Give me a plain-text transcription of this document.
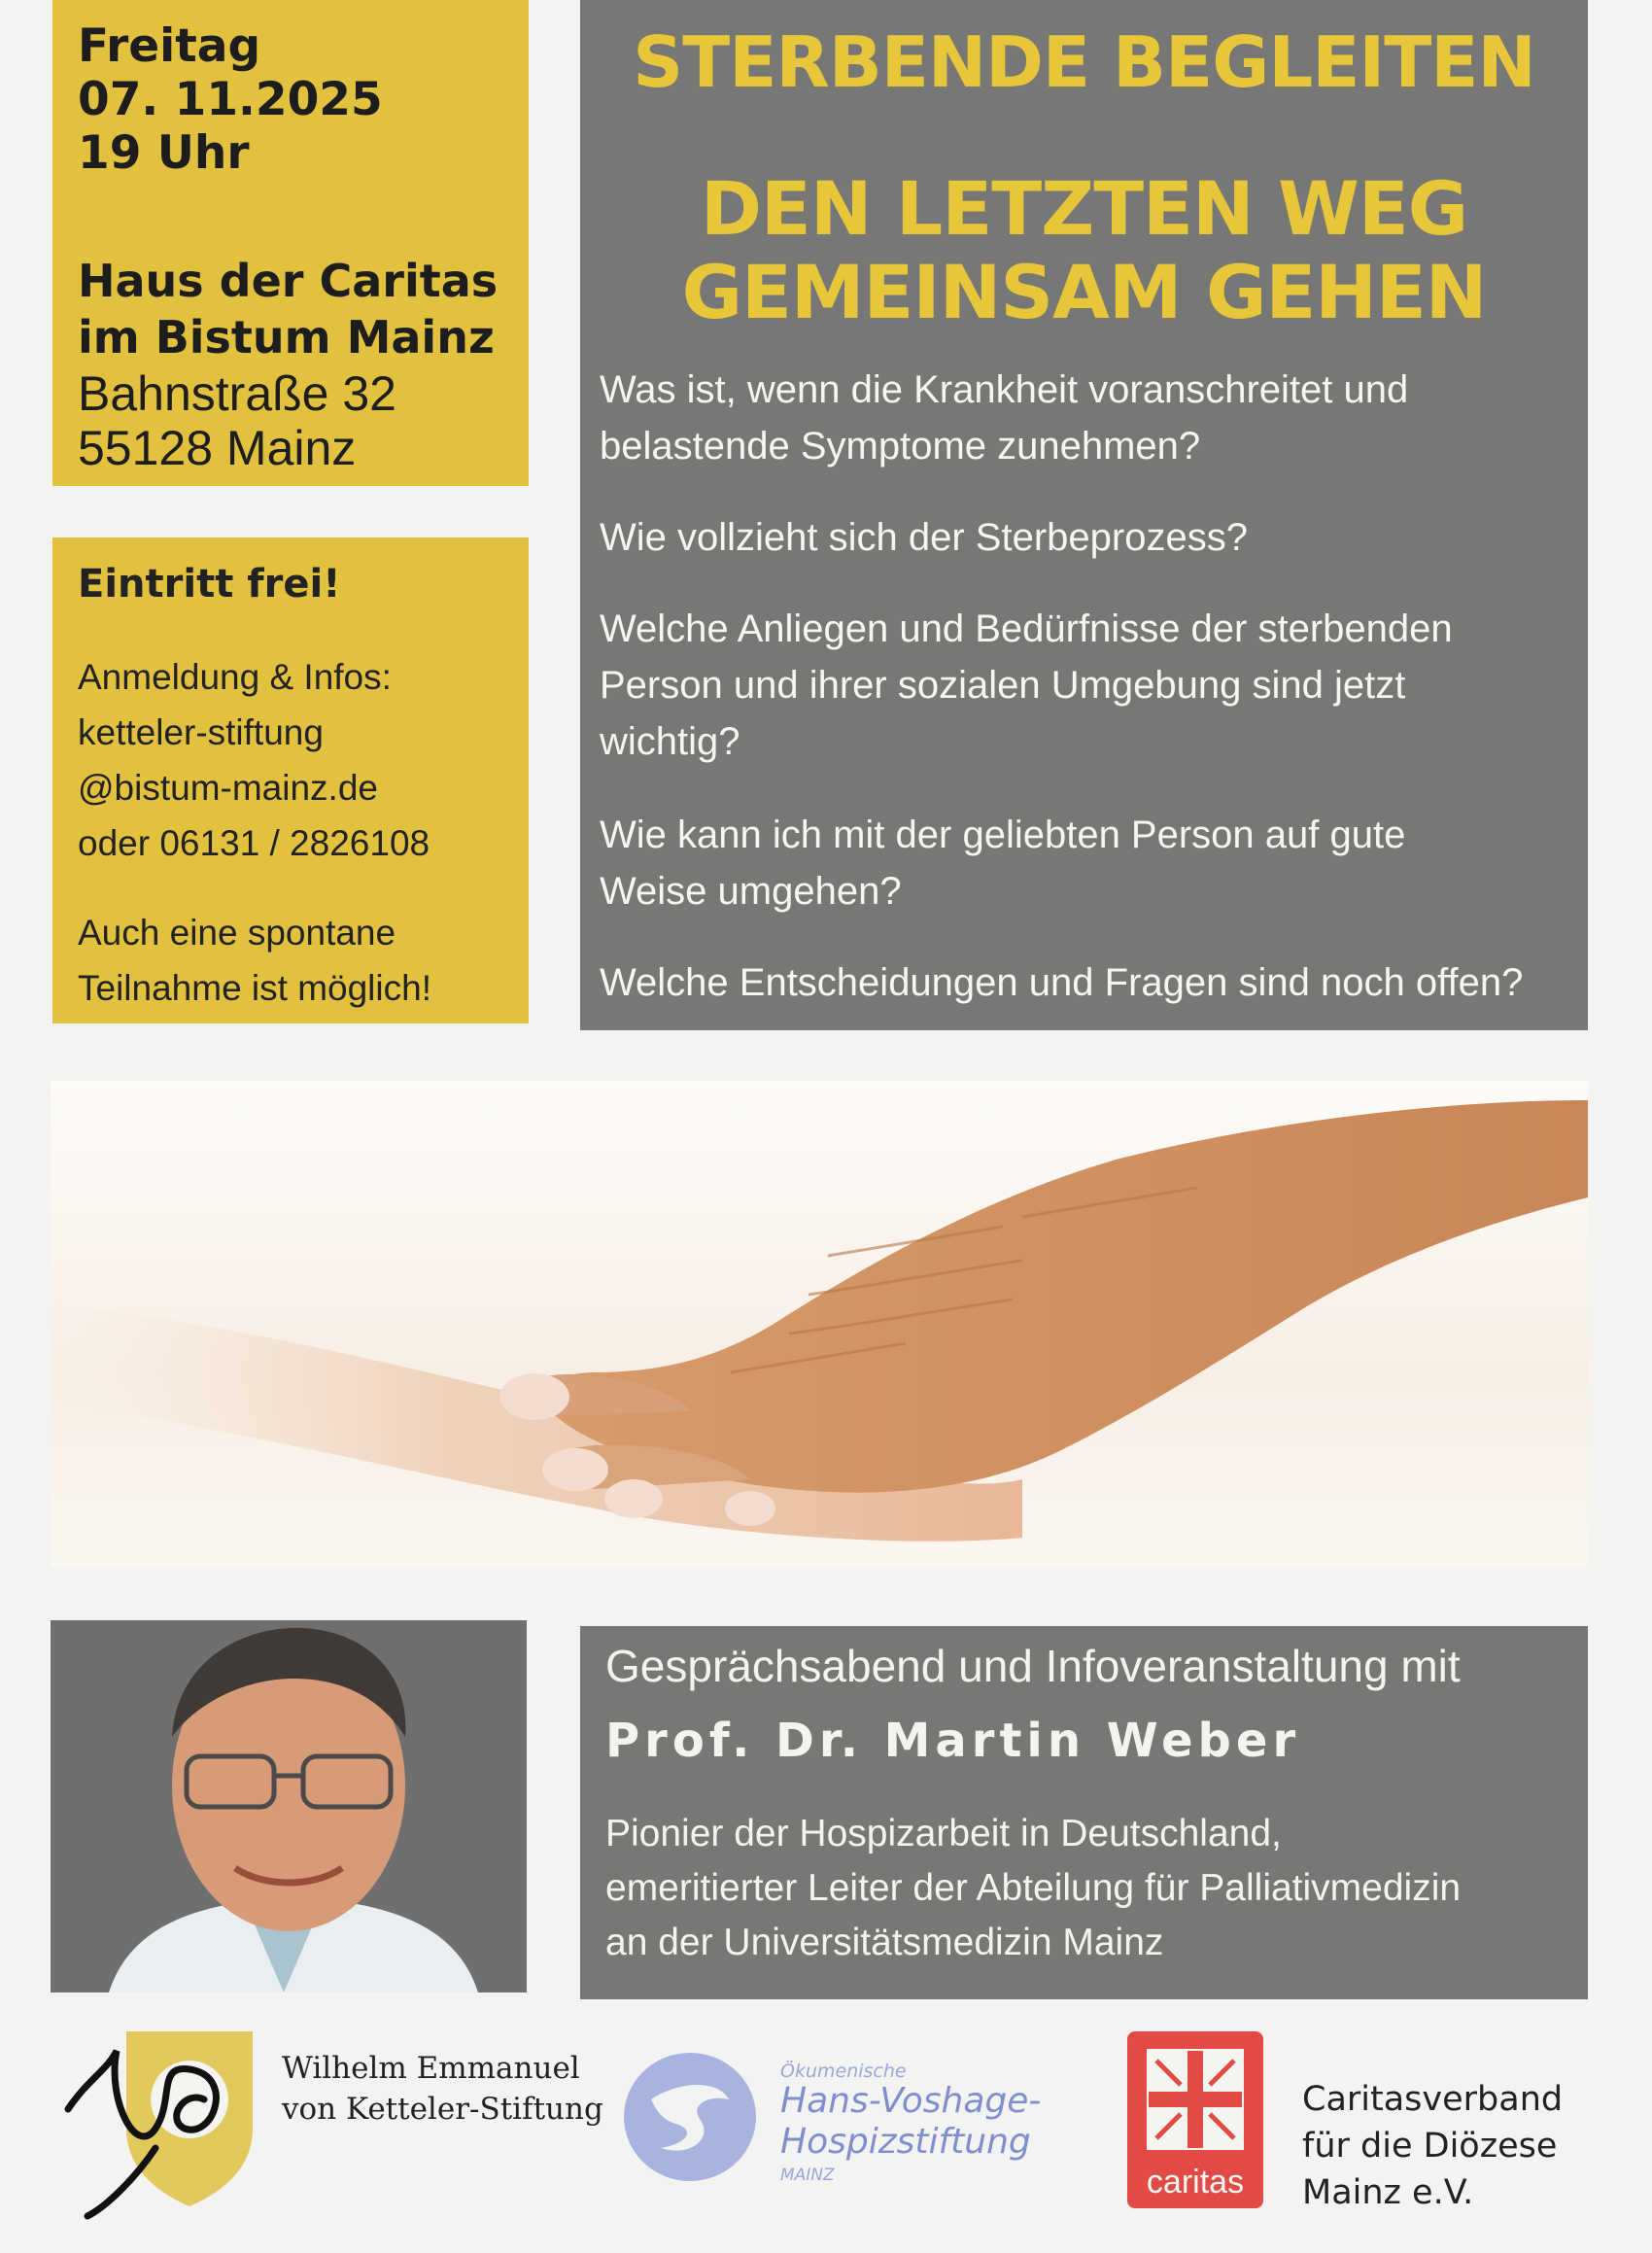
Freitag
07. 11.2025
19 Uhr
Haus der Caritas
im Bistum Mainz
Bahnstraße 32
55128 Mainz
Eintritt frei!
Anmeldung & Infos:
ketteler-stiftung
@bistum-mainz.de
oder 06131 / 2826108
Auch eine spontane
Teilnahme ist möglich!
STERBENDE BEGLEITEN
DEN LETZTEN WEG
GEMEINSAM GEHEN
Was ist, wenn die Krankheit voranschreitet und
belastende Symptome zunehmen?
Wie vollzieht sich der Sterbeprozess?
Welche Anliegen und Bedürfnisse der sterbenden
Person und ihrer sozialen Umgebung sind jetzt
wichtig?
Wie kann ich mit der geliebten Person auf gute
Weise umgehen?
Welche Entscheidungen und Fragen sind noch offen?
Gesprächsabend und Infoveranstaltung mit
Prof. Dr. Martin Weber
Pionier der Hospizarbeit in Deutschland,
emeritierter Leiter der Abteilung für Palliativmedizin
an der Universitätsmedizin Mainz
Wilhelm Emmanuel
von Ketteler-Stiftung
Ökumenische
Hans-Voshage-
Hospizstiftung
MAINZ	caritas
Caritasverband
für die Diözese
Mainz e.V.
